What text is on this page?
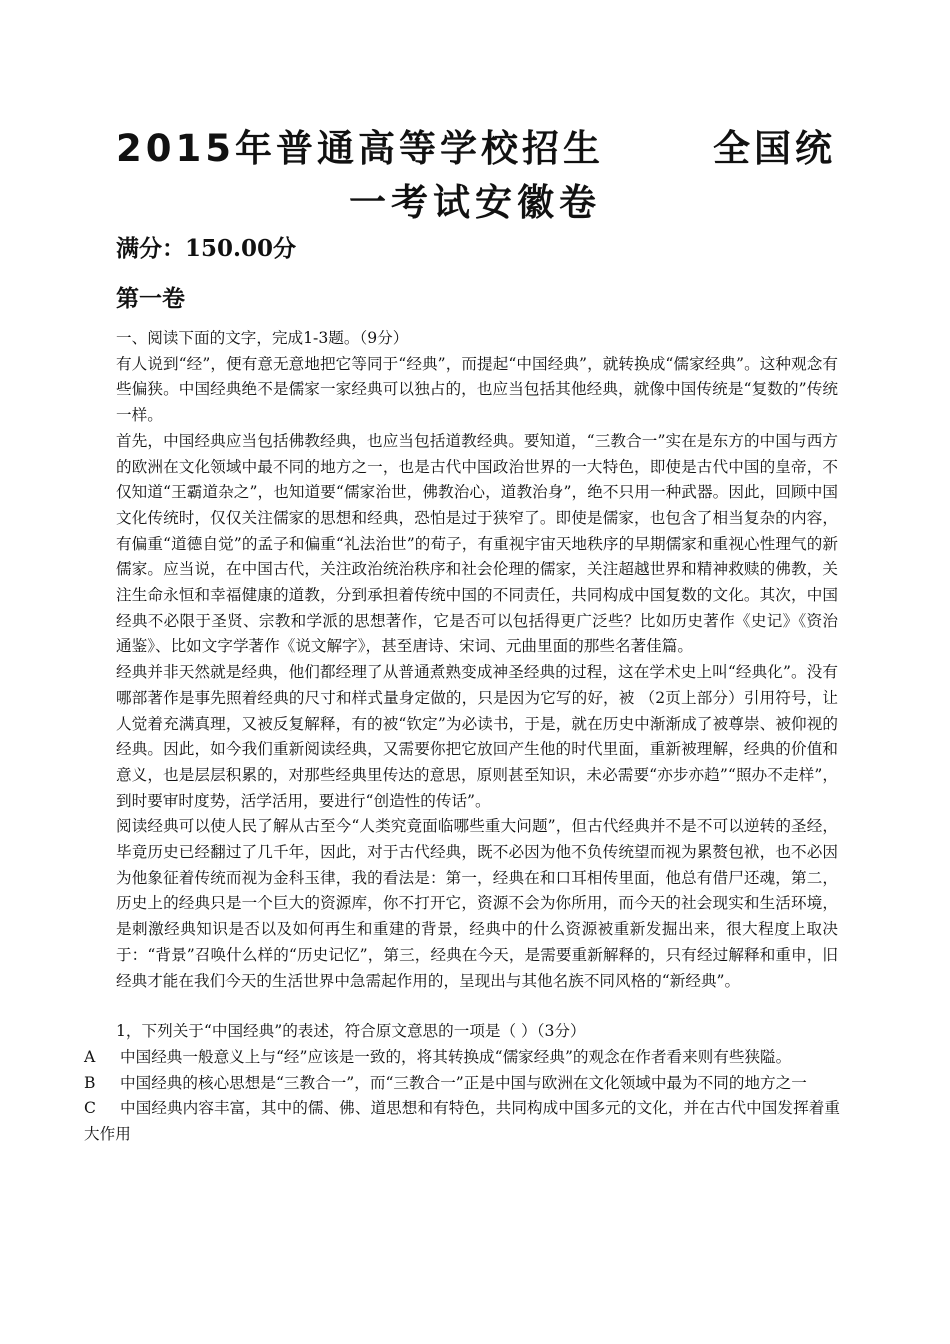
2015年普通高等学校招生	全国统
一考试安徽卷
满分：150.00分
第一卷

一、阅读下面的文字，完成1-3题。（9分）

有人说到“经”，便有意无意地把它等同于“经典”，而提起“中国经典”，就转换成“儒家经典”。这种观念有些偏狭。中国经典绝不是儒家一家经典可以独占的，也应当包括其他经典，就像中国传统是“复数的”传统一样。

首先，中国经典应当包括佛教经典，也应当包括道教经典。要知道，“三教合一”实在是东方的中国与西方的欧洲在文化领域中最不同的地方之一，也是古代中国政治世界的一大特色，即使是古代中国的皇帝，不仅知道“王霸道杂之”，也知道要“儒家治世，佛教治心，道教治身”，绝不只用一种武器。因此，回顾中国文化传统时，仅仅关注儒家的思想和经典，恐怕是过于狭窄了。即使是儒家，也包含了相当复杂的内容，有偏重“道德自觉”的孟子和偏重“礼法治世”的荀子，有重视宇宙天地秩序的早期儒家和重视心性理气的新儒家。应当说，在中国古代，关注政治统治秩序和社会伦理的儒家，关注超越世界和精神救赎的佛教，关注生命永恒和幸福健康的道教，分到承担着传统中国的不同责任，共同构成中国复数的文化。其次，中国经典不必限于圣贤、宗教和学派的思想著作，它是否可以包括得更广泛些？比如历史著作《史记》《资治通鉴》、比如文字学著作《说文解字》，甚至唐诗、宋词、元曲里面的那些名著佳篇。

经典并非天然就是经典，他们都经理了从普通煮熟变成神圣经典的过程，这在学术史上叫“经典化”。没有哪部著作是事先照着经典的尺寸和样式量身定做的，只是因为它写的好，被 （2页上部分）引用符号，让人觉着充满真理，又被反复解释，有的被“钦定”为必读书，于是，就在历史中渐渐成了被尊崇、被仰视的经典。因此，如今我们重新阅读经典，又需要你把它放回产生他的时代里面，重新被理解，经典的价值和意义，也是层层积累的，对那些经典里传达的意思，原则甚至知识，未必需要“亦步亦趋”“照办不走样”，到时要审时度势，活学活用，要进行“创造性的传话”。

阅读经典可以使人民了解从古至今“人类究竟面临哪些重大问题”，但古代经典并不是不可以逆转的圣经，毕竟历史已经翻过了几千年，因此，对于古代经典，既不必因为他不负传统望而视为累赘包袱，也不必因为他象征着传统而视为金科玉律，我的看法是：第一，经典在和口耳相传里面，他总有借尸还魂，第二，历史上的经典只是一个巨大的资源库，你不打开它，资源不会为你所用，而今天的社会现实和生活环境，是刺激经典知识是否以及如何再生和重建的背景，经典中的什么资源被重新发掘出来，很大程度上取决于：“背景”召唤什么样的“历史记忆”，第三，经典在今天，是需要重新解释的，只有经过解释和重申，旧经典才能在我们今天的生活世界中急需起作用的，呈现出与其他名族不同风格的“新经典”。

1，下列关于“中国经典”的表述，符合原文意思的一项是（ ）（3分）

A 中国经典一般意义上与“经”应该是一致的，将其转换成“儒家经典”的观念在作者看来则有些狭隘。

B 中国经典的核心思想是“三教合一”，而“三教合一”正是中国与欧洲在文化领域中最为不同的地方之一

C 中国经典内容丰富，其中的儒、佛、道思想和有特色，共同构成中国多元的文化，并在古代中国发挥着重大作用
